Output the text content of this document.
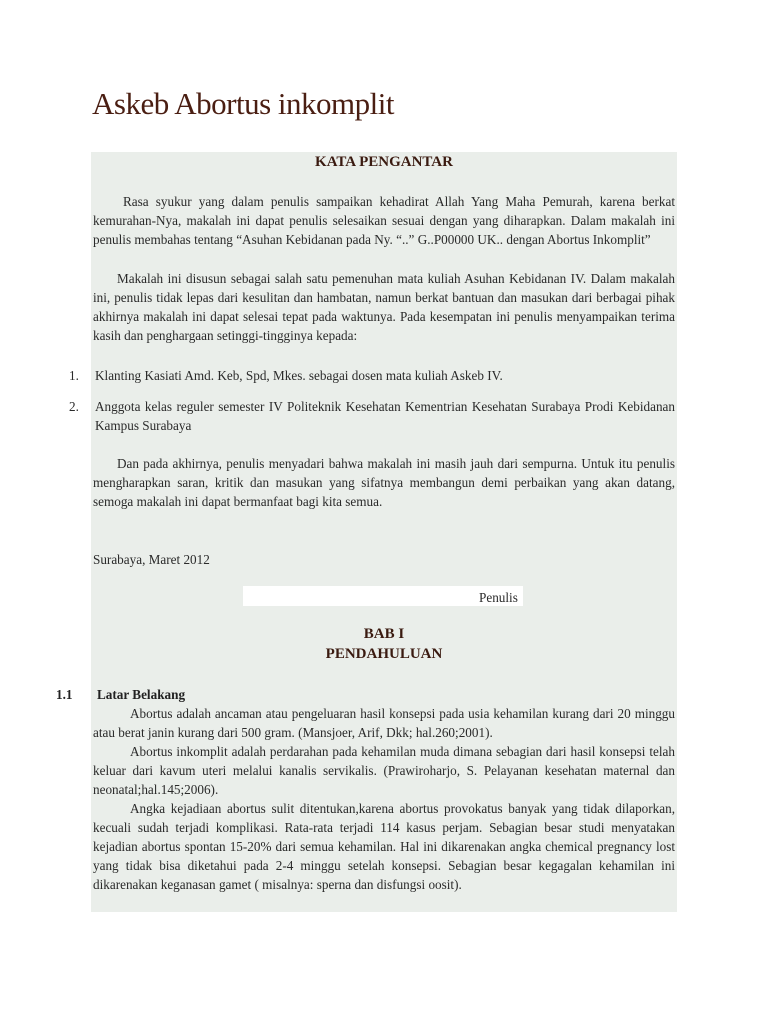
Askeb Abortus inkomplit
KATA PENGANTAR

Rasa syukur yang dalam penulis sampaikan kehadirat Allah Yang Maha Pemurah, karena berkat kemurahan-Nya, makalah ini dapat penulis selesaikan sesuai dengan yang diharapkan. Dalam makalah ini penulis membahas tentang “Asuhan Kebidanan pada Ny. “..” G..P00000 UK.. dengan Abortus Inkomplit”

Makalah ini disusun sebagai salah satu pemenuhan mata kuliah Asuhan Kebidanan IV. Dalam makalah ini, penulis tidak lepas dari kesulitan dan hambatan, namun berkat bantuan dan masukan dari berbagai pihak akhirnya makalah ini dapat selesai tepat pada waktunya. Pada kesempatan ini penulis menyampaikan terima kasih dan penghargaan setinggi-tingginya kepada:

1. Klanting Kasiati Amd. Keb, Spd, Mkes. sebagai dosen mata kuliah Askeb IV.

2. Anggota kelas reguler semester IV Politeknik Kesehatan Kementrian Kesehatan Surabaya Prodi Kebidanan Kampus Surabaya

Dan pada akhirnya, penulis menyadari bahwa makalah ini masih jauh dari sempurna. Untuk itu penulis mengharapkan saran, kritik dan masukan yang sifatnya membangun demi perbaikan yang akan datang, semoga makalah ini dapat bermanfaat bagi kita semua.

Surabaya, Maret 2012

Penulis

BAB I
PENDAHULUAN
1.1 Latar Belakang

Abortus adalah ancaman atau pengeluaran hasil konsepsi pada usia kehamilan kurang dari 20 minggu atau berat janin kurang dari 500 gram. (Mansjoer, Arif, Dkk; hal.260;2001).

Abortus inkomplit adalah perdarahan pada kehamilan muda dimana sebagian dari hasil konsepsi telah keluar dari kavum uteri melalui kanalis servikalis. (Prawiroharjo, S. Pelayanan kesehatan maternal dan neonatal;hal.145;2006).

Angka kejadiaan abortus sulit ditentukan,karena abortus provokatus banyak yang tidak dilaporkan, kecuali sudah terjadi komplikasi. Rata-rata terjadi 114 kasus perjam. Sebagian besar studi menyatakan kejadian abortus spontan 15-20% dari semua kehamilan. Hal ini dikarenakan angka chemical pregnancy lost yang tidak bisa diketahui pada 2-4 minggu setelah konsepsi. Sebagian besar kegagalan kehamilan ini dikarenakan keganasan gamet ( misalnya: sperna dan disfungsi oosit).
